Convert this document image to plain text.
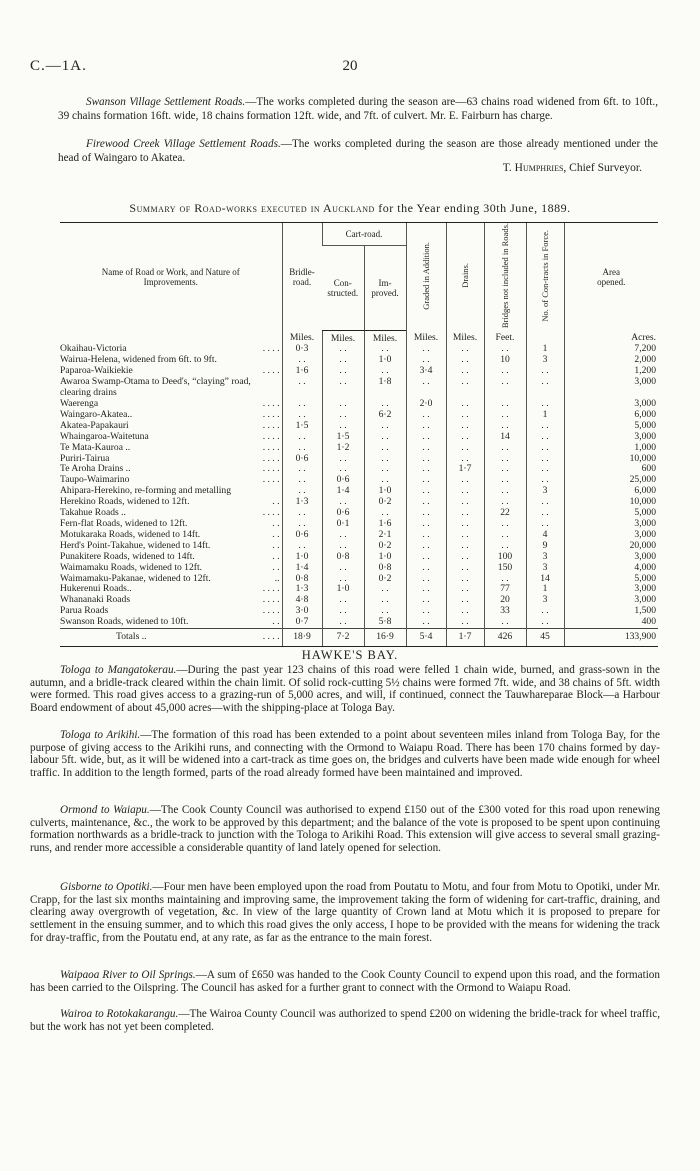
C.—1A.	20
Swanson Village Settlement Roads.—The works completed during the season are—63 chains road widened from 6ft. to 10ft., 39 chains formation 16ft. wide, 18 chains formation 12ft. wide, and 7ft. of culvert. Mr. E. Fairburn has charge.
Firewood Creek Village Settlement Roads.—The works completed during the season are those already mentioned under the head of Waingaro to Akatea.
T. Humphries, Chief Surveyor.
Summary of Road-works executed in Auckland for the Year ending 30th June, 1889.
Name of Road or Work, and Nature of Improvements.	Bridle-road.	Cart-road.		Graded in Addition.	Drains.	Bridges not included in Roads.	No. of Con-tracts in Force.	Area opened.
		Con-structed.	Im-proved.					
	Miles.	Miles.	Miles.	Miles.	Miles.	Feet.		Acres.
Okaihau-Victoria . . . .	0·3	. .	. .	. .	. .	. .	1	7,200
Wairua-Helena, widened from 6ft. to 9ft.	. .	. .	1·0	. .	. .	10	3	2,000
Paparoa-Waikiekie . . . .	1·6	. .	. .	3·4	. .	. .	. .	1,200
Awaroa Swamp-Otama to Deed's, “claying” road, clearing drains	. .	. .	1·8	. .	. .	. .	. .	3,000
Waerenga . . . .	. .	. .	. .	2·0	. .	. .	. .	3,000
Waingaro-Akatea.. . . . .	. .	. .	6·2	. .	. .	. .	1	6,000
Akatea-Papakauri . . . .	1·5	. .	. .	. .	. .	. .	. .	5,000
Whaingaroa-Waitetuna . . . .	. .	1·5	. .	. .	. .	14	. .	3,000
Te Mata-Kauroa .. . . . .	. .	1·2	. .	. .	. .	. .	. .	1,000
Puriri-Tairua . . . .	0·6	. .	. .	. .	. .	. .	. .	10,000
Te Aroha Drains .. . . . .	. .	. .	. .	. .	1·7	. .	. .	600
Taupo-Waimarino . . . .	. .	0·6	. .	. .	. .	. .	. .	25,000
Ahipara-Herekino, re-forming and metalling	. .	1·4	1·0	. .	. .	. .	3	6,000
Herekino Roads, widened to 12ft. . .	1·3	. .	0·2	. .	. .	. .	. .	10,000
Takahue Roads .. . . . .	. .	0·6	. .	. .	. .	22	. .	5,000
Fern-flat Roads, widened to 12ft. . .	. .	0·1	1·6	. .	. .	. .	. .	3,000
Motukaraka Roads, widened to 14ft. . .	0·6	. .	2·1	. .	. .	. .	4	3,000
Herd's Point-Takahue, widened to 14ft. . .	. .	. .	0·2	. .	. .	. .	9	20,000
Punakitere Roads, widened to 14ft. . .	1·0	0·8	1·0	. .	. .	100	3	3,000
Waimamaku Roads, widened to 12ft. . .	1·4	. .	0·8	. .	. .	150	3	4,000
Waimamaku-Pakanae, widened to 12ft. ..	0·8	. .	0·2	. .	. .	. .	14	5,000
Hukerenui Roads.. . . . .	1·3	1·0	. .	. .	. .	77	1	3,000
Whananaki Roads . . . .	4·8	. .	. .	. .	. .	20	3	3,000
Parua Roads . . . .	3·0	. .	. .	. .	. .	33	. .	1,500
Swanson Roads, widened to 10ft. . .	0·7	. .	5·8	. .	. .	. .	. .	400
Totals .. . . . .	18·9	7·2	16·9	5·4	1·7	426	45	133,900
HAWKE'S BAY.
Tologa to Mangatokerau.—During the past year 123 chains of this road were felled 1 chain wide, burned, and grass-sown in the autumn, and a bridle-track cleared within the chain limit. Of solid rock-cutting 5½ chains were formed 7ft. wide, and 38 chains of 5ft. width were formed. This road gives access to a grazing-run of 5,000 acres, and will, if continued, connect the Tauwhareparae Block—a Harbour Board endowment of about 45,000 acres—with the shipping-place at Tologa Bay.
Tologa to Arikihi.—The formation of this road has been extended to a point about seventeen miles inland from Tologa Bay, for the purpose of giving access to the Arikihi runs, and connecting with the Ormond to Waiapu Road. There has been 170 chains formed by day-labour 5ft. wide, but, as it will be widened into a cart-track as time goes on, the bridges and culverts have been made wide enough for wheel traffic. In addition to the length formed, parts of the road already formed have been maintained and improved.
Ormond to Waiapu.—The Cook County Council was authorised to expend £150 out of the £300 voted for this road upon renewing culverts, maintenance, &c., the work to be approved by this department; and the balance of the vote is proposed to be spent upon continuing formation northwards as a bridle-track to junction with the Tologa to Arikihi Road. This extension will give access to several small grazing-runs, and render more accessible a considerable quantity of land lately opened for selection.
Gisborne to Opotiki.—Four men have been employed upon the road from Poutatu to Motu, and four from Motu to Opotiki, under Mr. Crapp, for the last six months maintaining and improving same, the improvement taking the form of widening for cart-traffic, draining, and clearing away overgrowth of vegetation, &c. In view of the large quantity of Crown land at Motu which it is proposed to prepare for settlement in the ensuing summer, and to which this road gives the only access, I hope to be provided with the means for widening the track for dray-traffic, from the Poutatu end, at any rate, as far as the entrance to the main forest.
Waipaoa River to Oil Springs.—A sum of £650 was handed to the Cook County Council to expend upon this road, and the formation has been carried to the Oilspring. The Council has asked for a further grant to connect with the Ormond to Waiapu Road.
Wairoa to Rotokakarangu.—The Wairoa County Council was authorized to spend £200 on widening the bridle-track for wheel traffic, but the work has not yet been completed.
